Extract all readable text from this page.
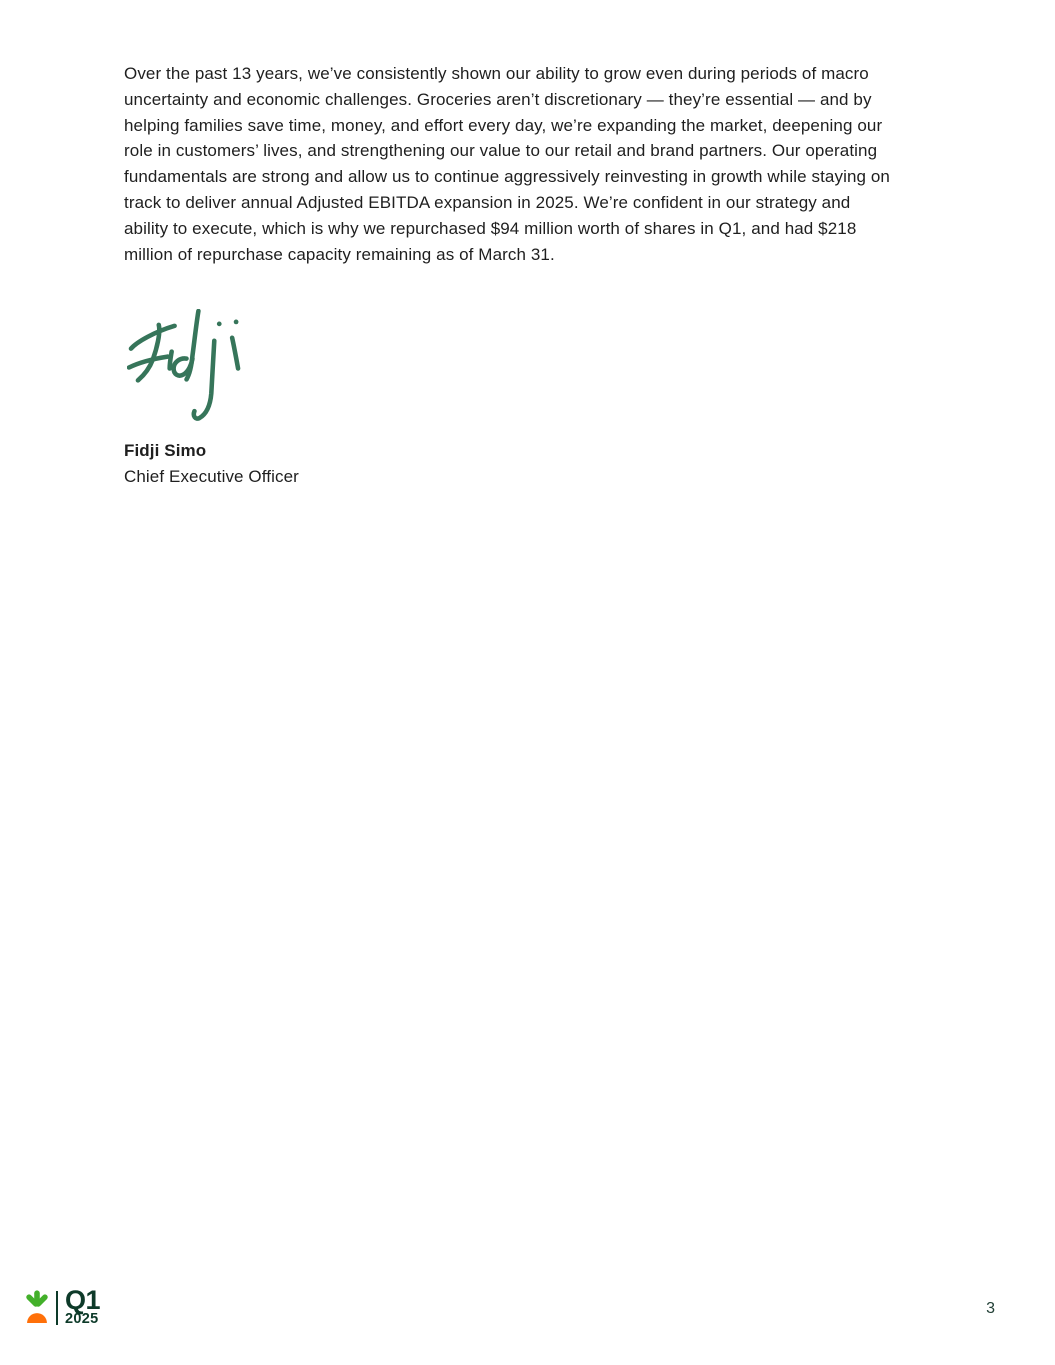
Over the past 13 years, we’ve consistently shown our ability to grow even during periods of macro
uncertainty and economic challenges. Groceries aren’t discretionary — they’re essential — and by
helping families save time, money, and effort every day, we’re expanding the market, deepening our
role in customers’ lives, and strengthening our value to our retail and brand partners. Our operating
fundamentals are strong and allow us to continue aggressively reinvesting in growth while staying on
track to deliver annual Adjusted EBITDA expansion in 2025. We’re confident in our strategy and
ability to execute, which is why we repurchased $94 million worth of shares in Q1, and had $218
million of repurchase capacity remaining as of March 31.
Fidji Simo
Chief Executive Officer
Q1
2025
3
